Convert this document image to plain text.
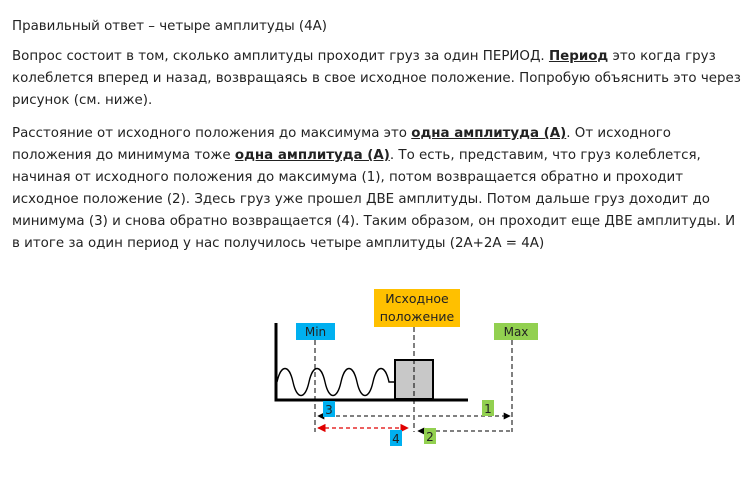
Правильный ответ – четыре амплитуды (4А)

Вопрос состоит в том, сколько амплитуды проходит груз за один ПЕРИОД. Период это когда груз колеблется вперед и назад, возвращаясь в свое исходное положение. Попробую объяснить это через рисунок (см. ниже).

Расстояние от исходного положения до максимума это одна амплитуда (А). От исходного положения до минимума тоже одна амплитуда (А). То есть, представим, что груз колеблется, начиная от исходного положения до максимума (1), потом возвращается обратно и проходит исходное положение (2). Здесь груз уже прошел ДВЕ амплитуды. Потом дальше груз доходит до минимума (3) и снова обратно возвращается (4). Таким образом, он проходит еще ДВЕ амплитуды. И в итоге за один период у нас получилось четыре амплитуды (2А+2А = 4А)

Исходное
положение
Min	Max
1
2
3
4
